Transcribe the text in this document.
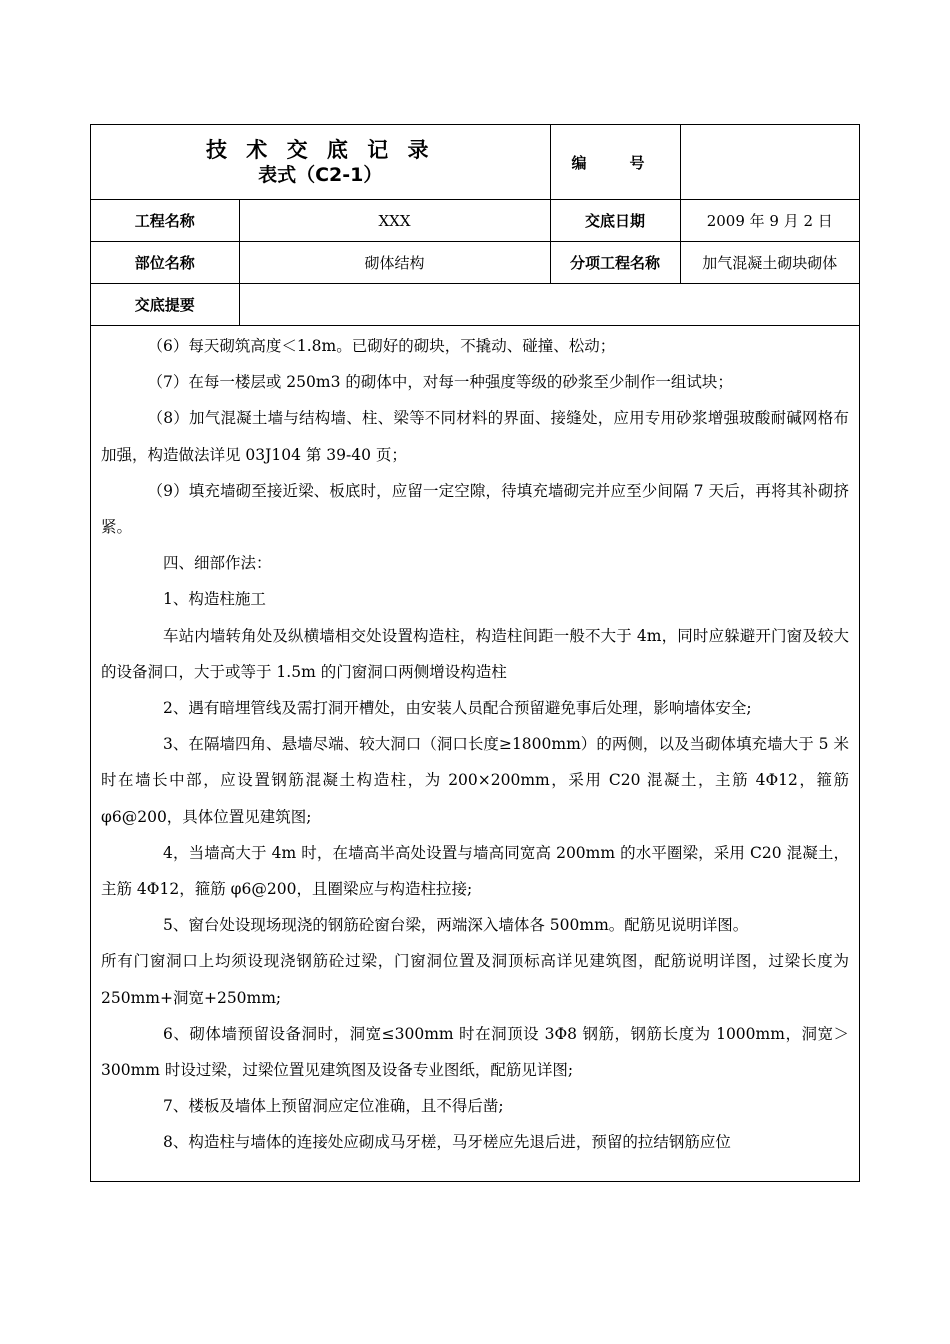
技 术 交 底 记 录
表式（C2-1）		编　号	
工程名称	XXX	交底日期	2009 年 9 月 2 日
部位名称	砌体结构	分项工程名称	加气混凝土砌块砌体
交底提要			

（6）每天砌筑高度＜1.8m。已砌好的砌块，不撬动、碰撞、松动；

（7）在每一楼层或 250m3 的砌体中，对每一种强度等级的砂浆至少制作一组试块；

（8）加气混凝土墙与结构墙、柱、梁等不同材料的界面、接缝处，应用专用砂浆增强玻酸耐碱网格布加强，构造做法详见 03J104 第 39-40 页；

（9）填充墙砌至接近梁、板底时，应留一定空隙，待填充墙砌完并应至少间隔 7 天后，再将其补砌挤紧。

四、细部作法：

1、构造柱施工

车站内墙转角处及纵横墙相交处设置构造柱，构造柱间距一般不大于 4m，同时应躲避开门窗及较大的设备洞口，大于或等于 1.5m 的门窗洞口两侧增设构造柱

2、遇有暗埋管线及需打洞开槽处，由安装人员配合预留避免事后处理，影响墙体安全;

3、在隔墙四角、悬墙尽端、较大洞口（洞口长度≥1800mm）的两侧，以及当砌体填充墙大于 5 米时在墙长中部，应设置钢筋混凝土构造柱，为 200×200mm，采用 C20 混凝土，主筋 4Φ12，箍筋 φ6@200，具体位置见建筑图;

4，当墙高大于 4m 时，在墙高半高处设置与墙高同宽高 200mm 的水平圈梁，采用 C20 混凝土，主筋 4Φ12，箍筋 φ6@200，且圈梁应与构造柱拉接;

5、窗台处设现场现浇的钢筋砼窗台梁，两端深入墙体各 500mm。配筋见说明详图。

所有门窗洞口上均须设现浇钢筋砼过梁，门窗洞位置及洞顶标高详见建筑图，配筋说明详图，过梁长度为 250mm+洞宽+250mm;

6、砌体墙预留设备洞时，洞宽≤300mm 时在洞顶设 3Φ8 钢筋，钢筋长度为 1000mm，洞宽＞300mm 时设过梁，过梁位置见建筑图及设备专业图纸，配筋见详图;

7、楼板及墙体上预留洞应定位准确，且不得后凿;

8、构造柱与墙体的连接处应砌成马牙槎，马牙槎应先退后进，预留的拉结钢筋应位
